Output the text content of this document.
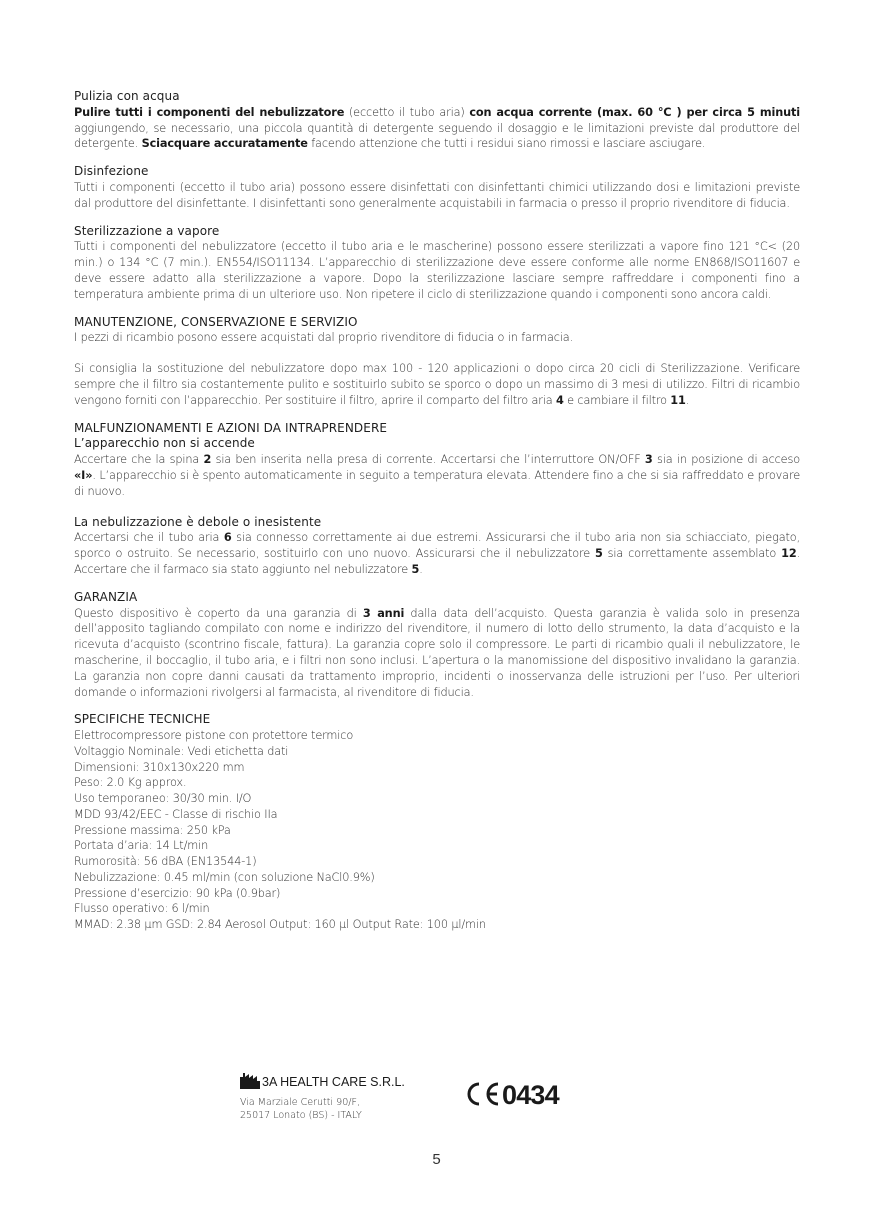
Pulizia con acqua

Pulire tutti i componenti del nebulizzatore (eccetto il tubo aria) con acqua corrente (max. 60 °C ) per circa 5 minuti aggiungendo, se necessario, una piccola quantità di detergente seguendo il dosaggio e le limitazioni previste dal produttore del detergente. Sciacquare accuratamente facendo attenzione che tutti i residui siano rimossi e lasciare asciugare.

Disinfezione

Tutti i componenti (eccetto il tubo aria) possono essere disinfettati con disinfettanti chimici utilizzando dosi e limitazioni previste dal produttore del disinfettante. I disinfettanti sono generalmente acquistabili in farmacia o presso il proprio rivenditore di fiducia.

Sterilizzazione a vapore

Tutti i componenti del nebulizzatore (eccetto il tubo aria e le mascherine) possono essere sterilizzati a vapore fino 121 °C< (20 min.) o 134 °C (7 min.). EN554/ISO11134. L’apparecchio di sterilizzazione deve essere conforme alle norme EN868/ISO11607 e deve essere adatto alla sterilizzazione a vapore. Dopo la sterilizzazione lasciare sempre raffreddare i componenti fino a temperatura ambiente prima di un ulteriore uso. Non ripetere il ciclo di sterilizzazione quando i componenti sono ancora caldi.

MANUTENZIONE, CONSERVAZIONE E SERVIZIO

I pezzi di ricambio posono essere acquistati dal proprio rivenditore di fiducia o in farmacia.

Si consiglia la sostituzione del nebulizzatore dopo max 100 - 120 applicazioni o dopo circa 20 cicli di Sterilizzazione. Verificare sempre che il filtro sia costantemente pulito e sostituirlo subito se sporco o dopo un massimo di 3 mesi di utilizzo. Filtri di ricambio vengono forniti con l’apparecchio. Per sostituire il filtro, aprire il comparto del filtro aria 4 e cambiare il filtro 11.

MALFUNZIONAMENTI E AZIONI DA INTRAPRENDERE

L’apparecchio non si accende

Accertare che la spina 2 sia ben inserita nella presa di corrente. Accertarsi che l’interruttore ON/OFF 3 sia in posizione di acceso «I». L’apparecchio si è spento automaticamente in seguito a temperatura elevata. Attendere fino a che si sia raffreddato e provare di nuovo.

La nebulizzazione è debole o inesistente

Accertarsi che il tubo aria 6 sia connesso correttamente ai due estremi. Assicurarsi che il tubo aria non sia schiacciato, piegato, sporco o ostruito. Se necessario, sostituirlo con uno nuovo. Assicurarsi che il nebulizzatore 5 sia correttamente assemblato 12. Accertare che il farmaco sia stato aggiunto nel nebulizzatore 5.

GARANZIA

Questo dispositivo è coperto da una garanzia di 3 anni dalla data dell’acquisto. Questa garanzia è valida solo in presenza dell’apposito tagliando compilato con nome e indirizzo del rivenditore, il numero di lotto dello strumento, la data d’acquisto e la ricevuta d’acquisto (scontrino fiscale, fattura). La garanzia copre solo il compressore. Le parti di ricambio quali il nebulizzatore, le mascherine, il boccaglio, il tubo aria, e i filtri non sono inclusi. L’apertura o la manomissione del dispositivo invalidano la garanzia. La garanzia non copre danni causati da trattamento improprio, incidenti o inosservanza delle istruzioni per l’uso. Per ulteriori domande o informazioni rivolgersi al farmacista, al rivenditore di fiducia.

SPECIFICHE TECNICHE

Elettrocompressore pistone con protettore termico

Voltaggio Nominale: Vedi etichetta dati

Dimensioni: 310x130x220 mm

Peso: 2.0 Kg approx.

Uso temporaneo: 30/30 min. I/O

MDD 93/42/EEC - Classe di rischio IIa

Pressione massima: 250 kPa

Portata d’aria: 14 Lt/min

Rumorosità: 56 dBA (EN13544-1)

Nebulizzazione: 0.45 ml/min (con soluzione NaCl0.9%)

Pressione d’esercizio: 90 kPa (0.9bar)

Flusso operativo: 6 l/min

MMAD: 2.38 μm GSD: 2.84 Aerosol Output: 160 μl Output Rate: 100 μl/min

3A HEALTH CARE S.R.L.
Via Marziale Cerutti 90/F,
25017 Lonato (BS) - ITALY
0434
5
